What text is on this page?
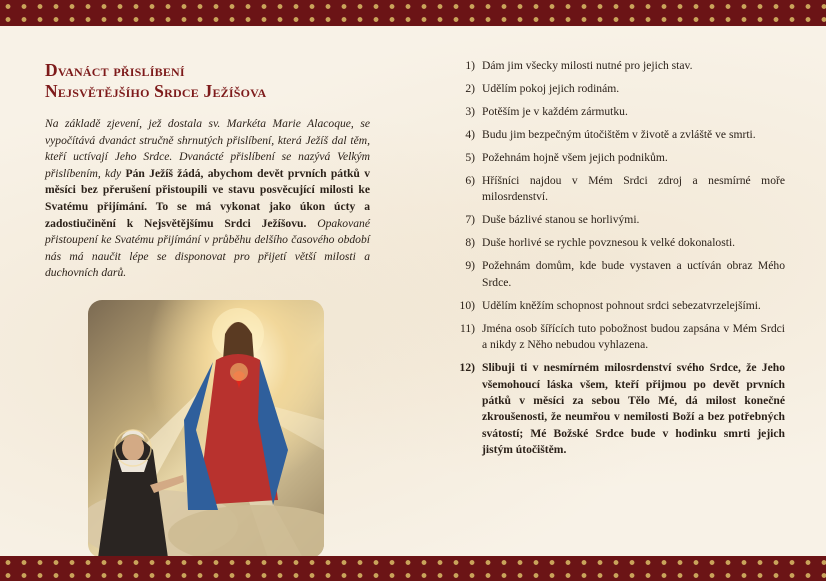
Dvanáct přislíbení
Nejsvětějšího Srdce Ježíšova

Na základě zjevení, jež dostala sv. Markéta Marie Alacoque, se vypočítává dvanáct stručně shrnutých přislíbení, která Ježíš dal těm, kteří uctívají Jeho Srdce. Dvanácté přislíbení se nazývá Velkým přislíbením, kdy Pán Ježíš žádá, abychom devět prvních pátků v měsíci bez přerušení přistoupili ve stavu posvěcující milosti ke Svatému přijímání. To se má vykonat jako úkon úcty a zadostiučinění k Nejsvětějšímu Srdci Ježíšovu. Opakované přistoupení ke Svatému přijímání v průběhu delšího časového období nás má naučit lépe se disponovat pro přijetí větší milosti a duchovních darů.

1) Dám jim všecky milosti nutné pro jejich stav.
2) Udělím pokoj jejich rodinám.
3) Potěším je v každém zármutku.
4) Budu jim bezpečným útočištěm v životě a zvláště ve smrti.
5) Požehnám hojně všem jejich podnikům.
6) Hříšníci najdou v Mém Srdci zdroj a nesmírné moře milosrdenství.
7) Duše bázlivé stanou se horlivými.
8) Duše horlivé se rychle povznesou k velké dokonalosti.
9) Požehnám domům, kde bude vystaven a uctíván obraz Mého Srdce.
10) Udělím kněžím schopnost pohnout srdci sebezatvrzelejšími.
11) Jména osob šířících tuto pobožnost budou zapsána v Mém Srdci a nikdy z Něho nebudou vyhlazena.
12) Slibuji ti v nesmírném milosrdenství svého Srdce, že Jeho všemohoucí láska všem, kteří přijmou po devět prvních pátků v měsíci za sebou Tělo Mé, dá milost konečné zkroušenosti, že neumřou v nemilosti Boží a bez potřebných svátostí; Mé Božské Srdce bude v hodinku smrti jejich jistým útočištěm.
